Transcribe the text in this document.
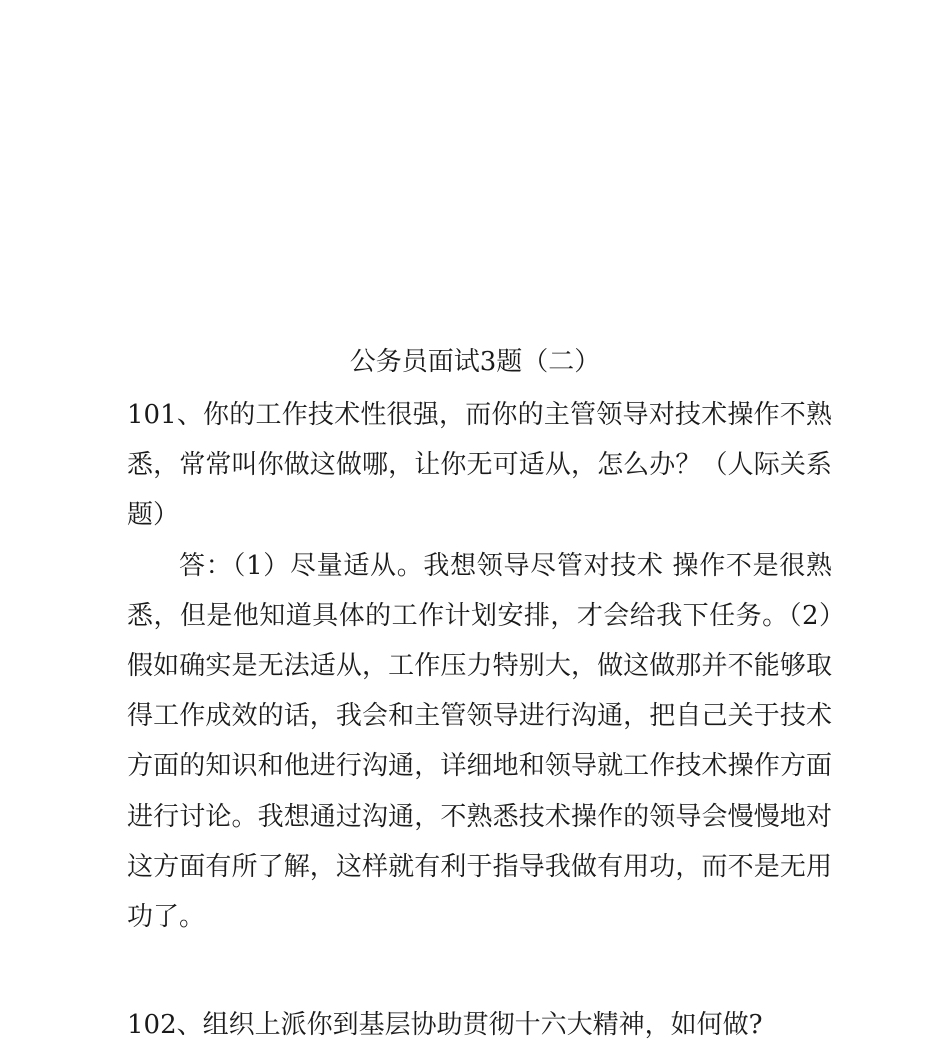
公务员面试3题（二）

101、你的工作技术性很强，而你的主管领导对技术操作不熟悉，常常叫你做这做哪，让你无可适从，怎么办？（人际关系题）

答：（1）尽量适从。我想领导尽管对技术 操作不是很熟悉，但是他知道具体的工作计划安排，才会给我下任务。（2）假如确实是无法适从，工作压力特别大，做这做那并不能够取得工作成效的话，我会和主管领导进行沟通，把自己关于技术方面的知识和他进行沟通，详细地和领导就工作技术操作方面进行讨论。我想通过沟通，不熟悉技术操作的领导会慢慢地对这方面有所了解，这样就有利于指导我做有用功，而不是无用功了。

102、组织上派你到基层协助贯彻十六大精神，如何做?
